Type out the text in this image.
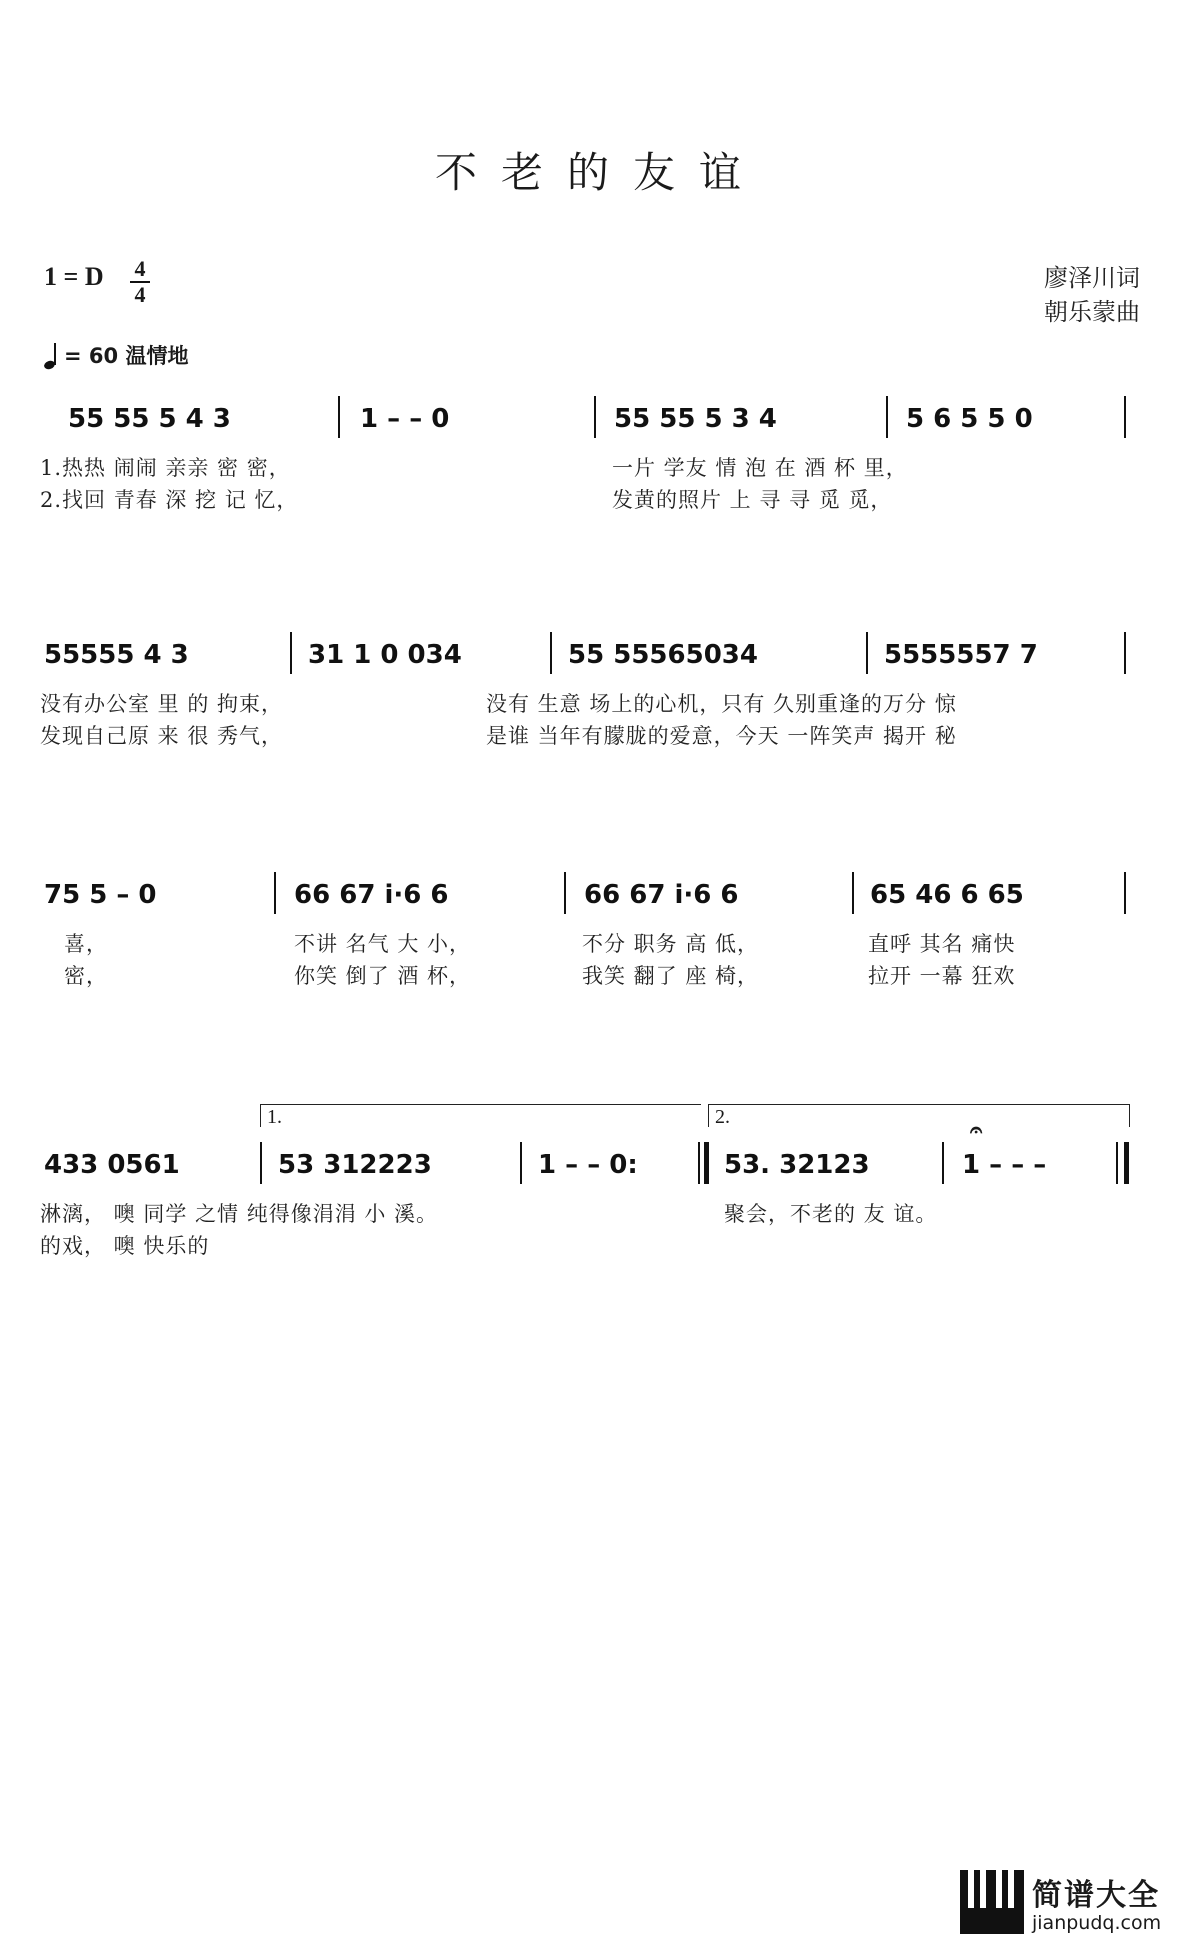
不老的友谊
1 = D 4
4
廖泽川词
朝乐蒙曲
= 60 温情地
55 55 5 4 3	1 – – 0	55 55 5 3 4	5 6 5 5 0
1.热热 闹闹 亲亲 密 密，	一片 学友 情 泡 在 酒 杯 里，
2.找回 青春 深 挖 记 忆，	发黄的照片 上 寻 寻 觅 觅，
55555 4 3	31 1 0 034	55 55565034	5555557 7
没有办公室 里 的 拘束，	没有 生意 场上的心机，只有 久别重逢的万分 惊
发现自己原 来 很 秀气，	是谁 当年有朦胧的爱意，今天 一阵笑声 揭开 秘
75 5 – 0	66 67 i·6 6	66 67 i·6 6	65 46 6 65
喜，	不讲 名气 大 小，	不分 职务 高 低，	直呼 其名 痛快
密，	你笑 倒了 酒 杯，	我笑 翻了 座 椅，	拉开 一幕 狂欢
1.	2.
𝄐
433 0561	53 312223	1 – – 0:	53. 32123	1 – – –
淋漓， 噢 同学 之情 纯得像涓涓 小 溪。	聚会，不老的 友 谊。
的戏， 噢 快乐的
简谱大全
jianpudq.com
